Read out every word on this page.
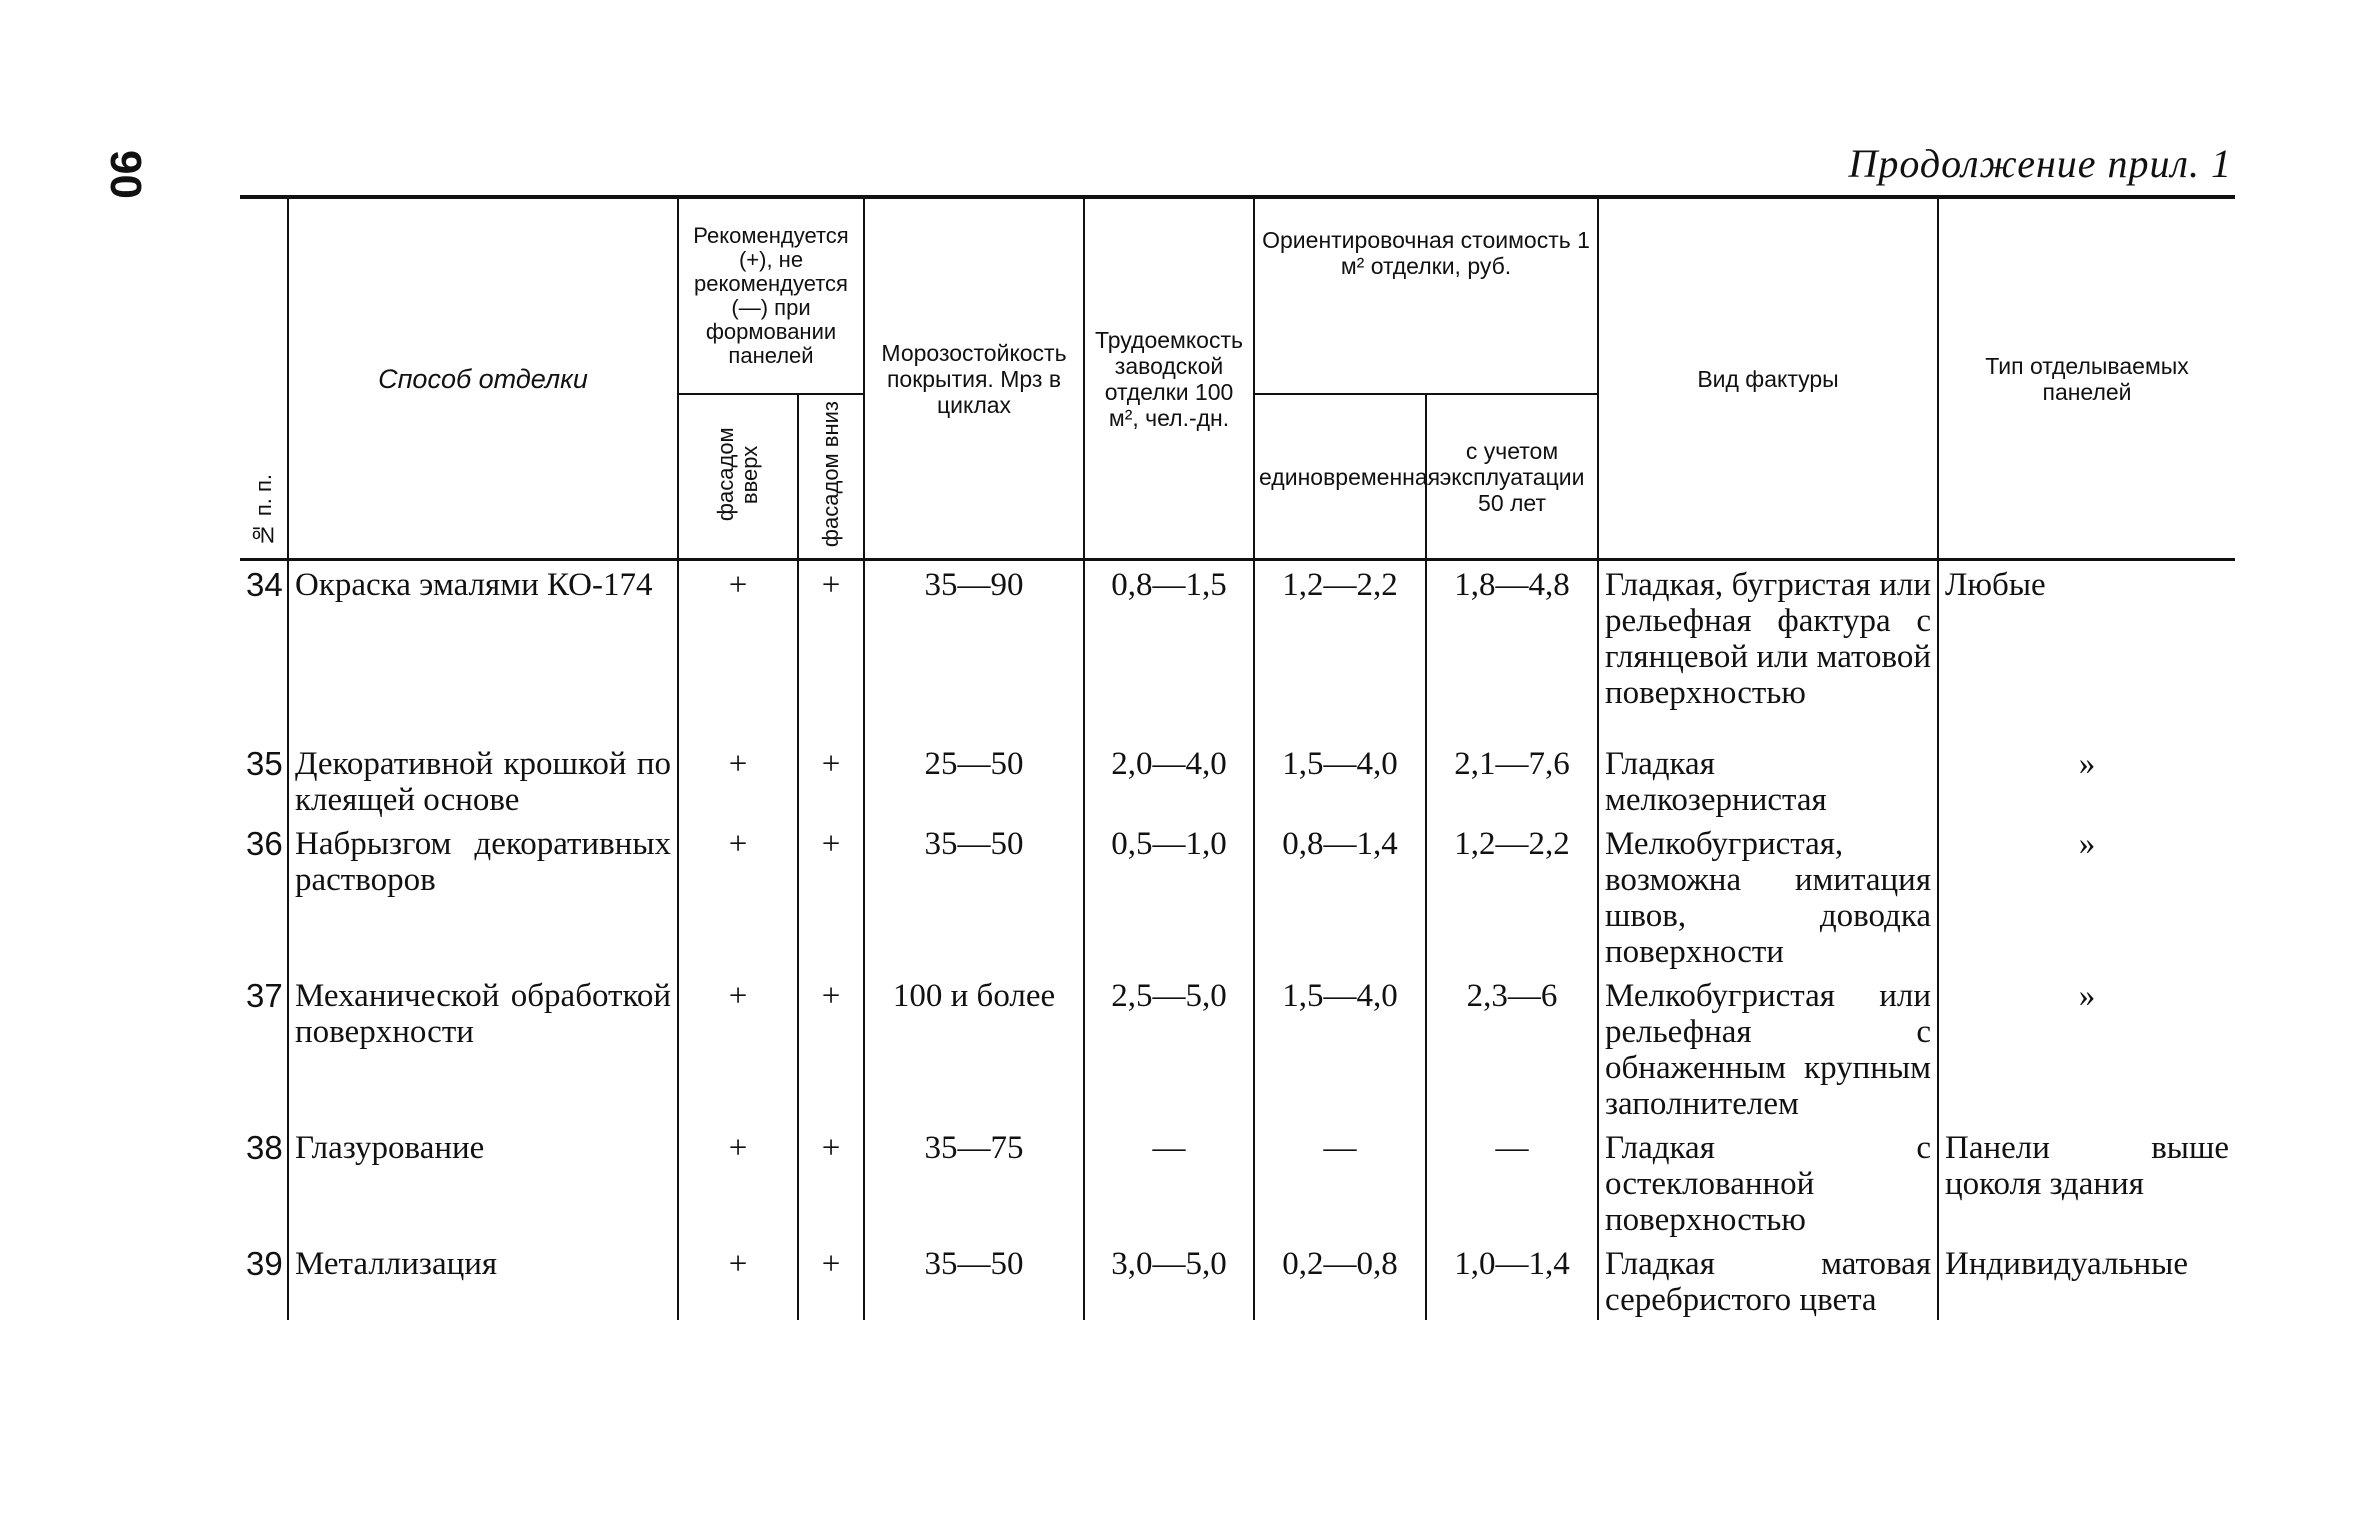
90	Продолжение прил. 1
№ п. п.	Способ отделки	Рекомендуется (+), не рекомендуется (—) при формовании панелей		Морозостойкость покрытия. Мрз в циклах	Трудоемкость заводской отделки 100 м², чел.-дн.	Ориентировочная стоимость 1 м² отделки, руб.		Вид фактуры	Тип отделываемых панелей
		фасадом вверх	фасадом вниз			единовременная	с учетом эксплуатации 50 лет		
34	Окраска эмалями КО-174	+	+	35—90	0,8—1,5	1,2—2,2	1,8—4,8	Гладкая, бугристая или рельефная фактура с глянцевой или матовой поверхностью	Любые
35	Декоративной крошкой по клеящей основе	+	+	25—50	2,0—4,0	1,5—4,0	2,1—7,6	Гладкая мелкозернистая	»
36	Набрызгом декоративных растворов	+	+	35—50	0,5—1,0	0,8—1,4	1,2—2,2	Мелкобугристая, возможна имитация швов, доводка поверхности	»
37	Механической обработкой поверхности	+	+	100 и более	2,5—5,0	1,5—4,0	2,3—6	Мелкобугристая или рельефная с обнаженным крупным заполнителем	»
38	Глазурование	+	+	35—75	—	—	—	Гладкая с остеклованной поверхностью	Панели выше цоколя здания
39	Металлизация	+	+	35—50	3,0—5,0	0,2—0,8	1,0—1,4	Гладкая матовая серебристого цвета	Индивидуальные
